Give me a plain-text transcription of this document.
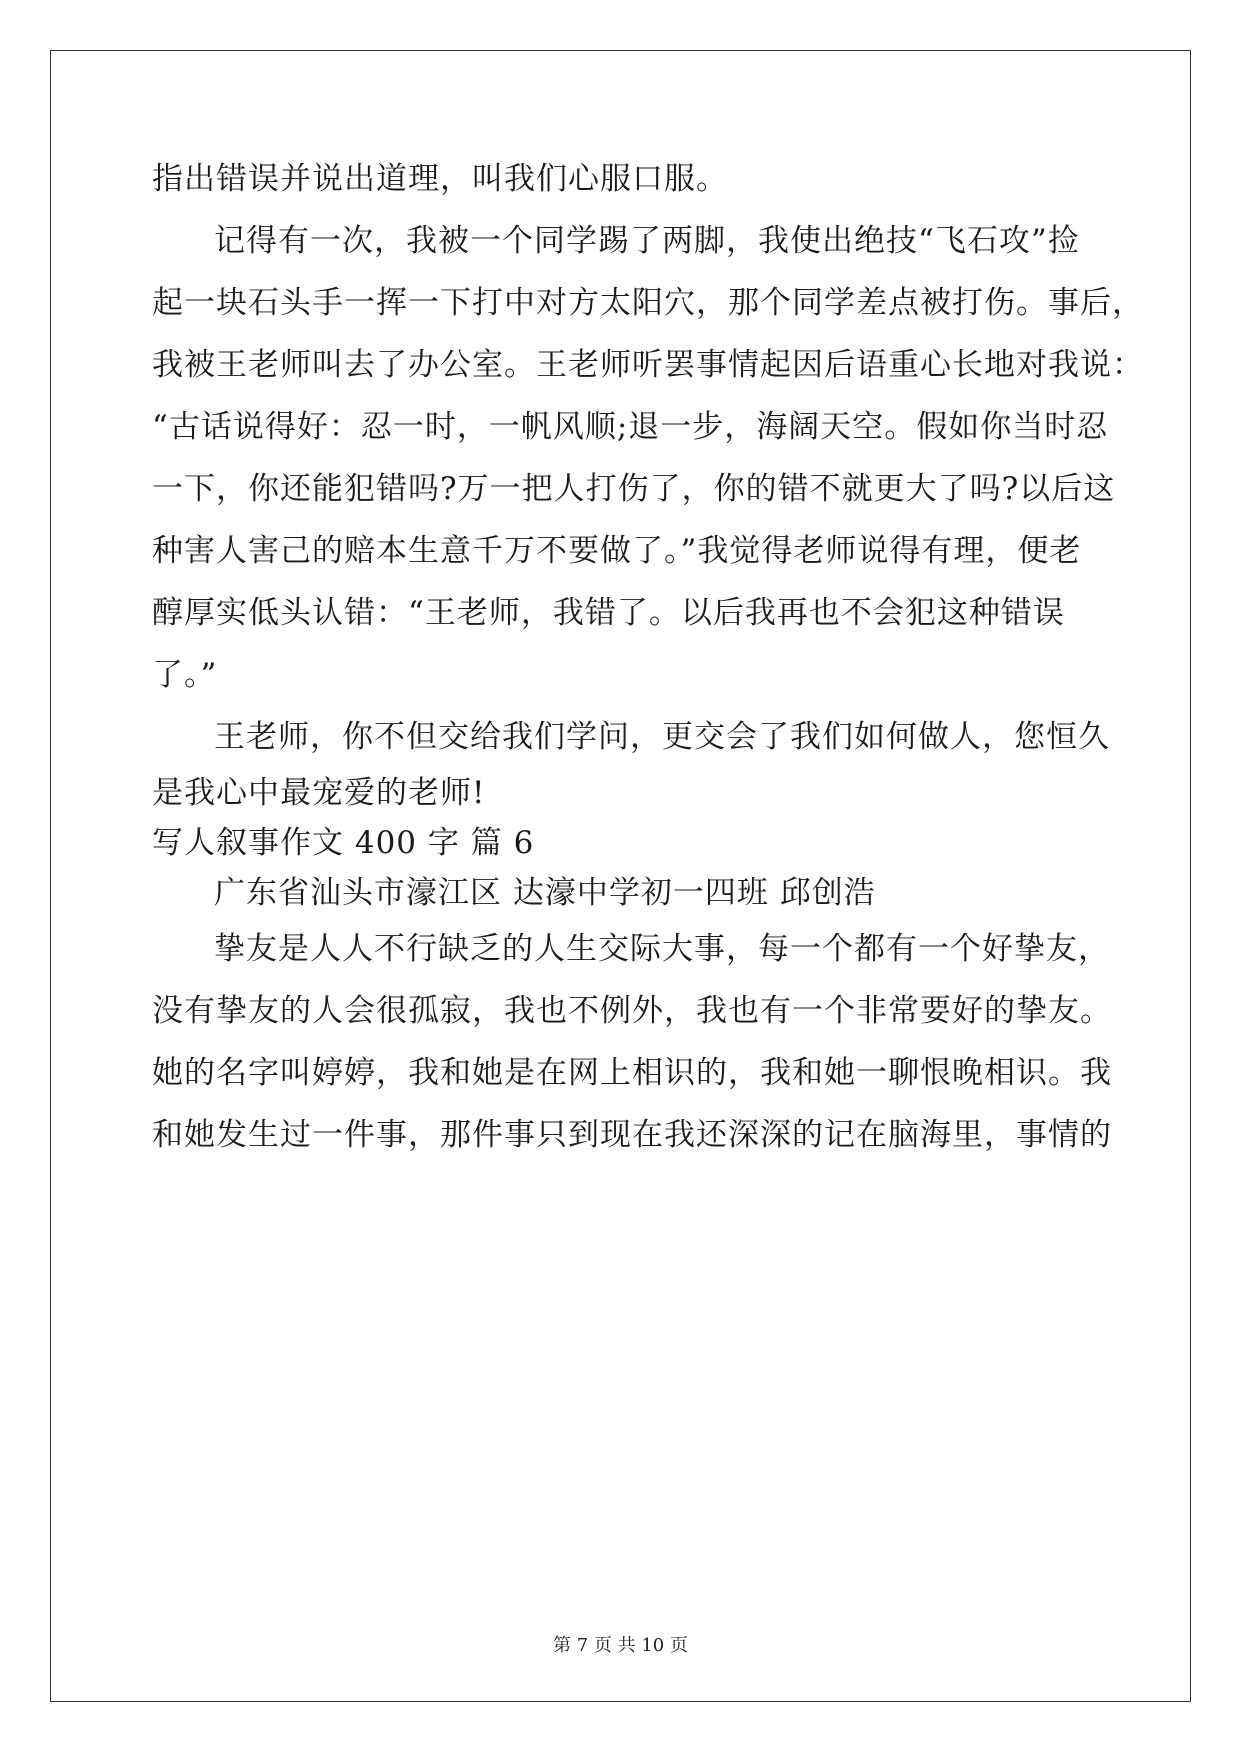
指出错误并说出道理，叫我们心服口服。
记得有一次，我被一个同学踢了两脚，我使出绝技“飞石攻”捡
起一块石头手一挥一下打中对方太阳穴，那个同学差点被打伤。事后，
我被王老师叫去了办公室。王老师听罢事情起因后语重心长地对我说：
“古话说得好：忍一时，一帆风顺;退一步，海阔天空。假如你当时忍
一下，你还能犯错吗?万一把人打伤了，你的错不就更大了吗?以后这
种害人害己的赔本生意千万不要做了。”我觉得老师说得有理，便老
醇厚实低头认错：“王老师，我错了。以后我再也不会犯这种错误
了。”
王老师，你不但交给我们学问，更交会了我们如何做人，您恒久
是我心中最宠爱的老师!
写人叙事作文 400 字 篇 6
广东省汕头市濠江区 达濠中学初一四班 邱创浩
挚友是人人不行缺乏的人生交际大事，每一个都有一个好挚友，
没有挚友的人会很孤寂，我也不例外，我也有一个非常要好的挚友。
她的名字叫婷婷，我和她是在网上相识的，我和她一聊恨晚相识。我
和她发生过一件事，那件事只到现在我还深深的记在脑海里，事情的
第 7 页 共 10 页
